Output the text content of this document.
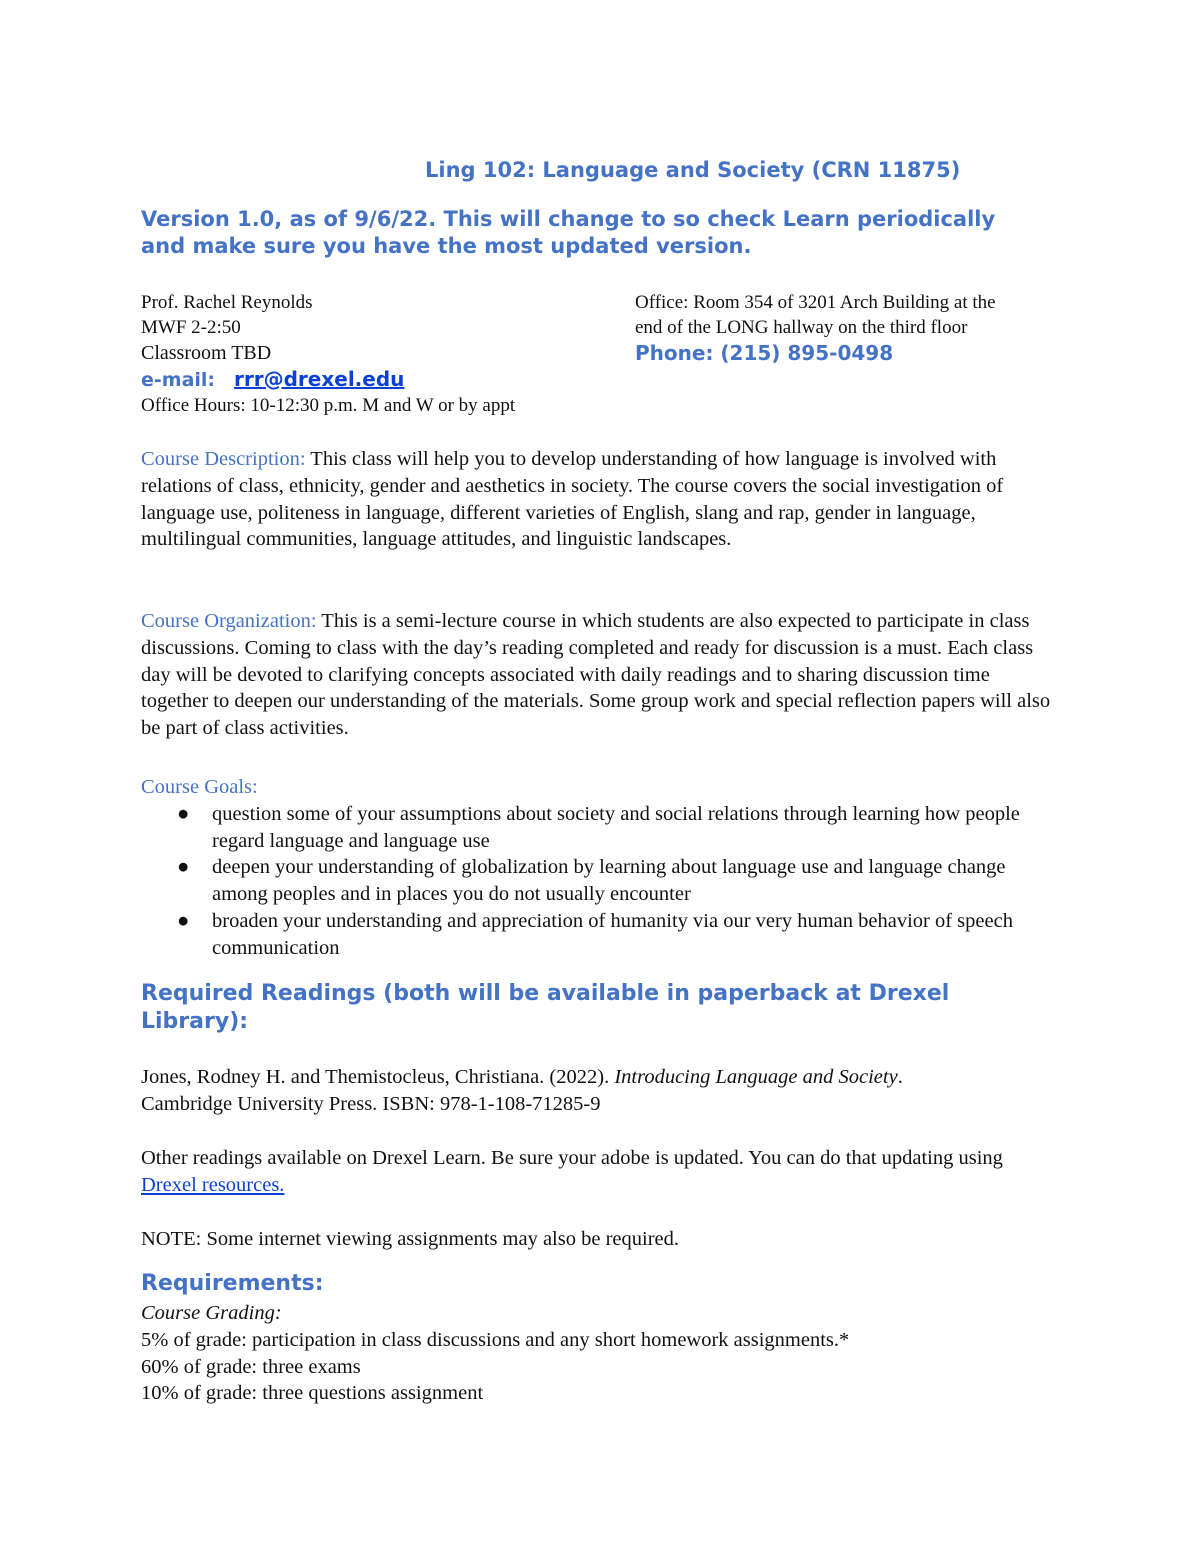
Ling 102: Language and Society (CRN 11875)
Version 1.0, as of 9/6/22. This will change to so check Learn periodically and make sure you have the most updated version.
Prof. Rachel Reynolds
MWF 2-2:50
Classroom TBD
e-mail: rrr@drexel.edu
Office Hours: 10-12:30 p.m. M and W or by appt
Office: Room 354 of 3201 Arch Building at the
end of the LONG hallway on the third floor
Phone: (215) 895-0498
Course Description: This class will help you to develop understanding of how language is involved with relations of class, ethnicity, gender and aesthetics in society. The course covers the social investigation of language use, politeness in language, different varieties of English, slang and rap, gender in language, multilingual communities, language attitudes, and linguistic landscapes.
Course Organization: This is a semi-lecture course in which students are also expected to participate in class discussions. Coming to class with the day’s reading completed and ready for discussion is a must. Each class day will be devoted to clarifying concepts associated with daily readings and to sharing discussion time together to deepen our understanding of the materials. Some group work and special reflection papers will also be part of class activities.
Course Goals:
● question some of your assumptions about society and social relations through learning how people regard language and language use
● deepen your understanding of globalization by learning about language use and language change among peoples and in places you do not usually encounter
● broaden your understanding and appreciation of humanity via our very human behavior of speech communication
Required Readings (both will be available in paperback at Drexel Library):
Jones, Rodney H. and Themistocleus, Christiana. (2022). Introducing Language and Society.
Cambridge University Press. ISBN: 978-1-108-71285-9
Other readings available on Drexel Learn. Be sure your adobe is updated. You can do that updating using Drexel resources.
NOTE: Some internet viewing assignments may also be required.
Requirements:
Course Grading:
5% of grade: participation in class discussions and any short homework assignments.*
60% of grade: three exams
10% of grade: three questions assignment
